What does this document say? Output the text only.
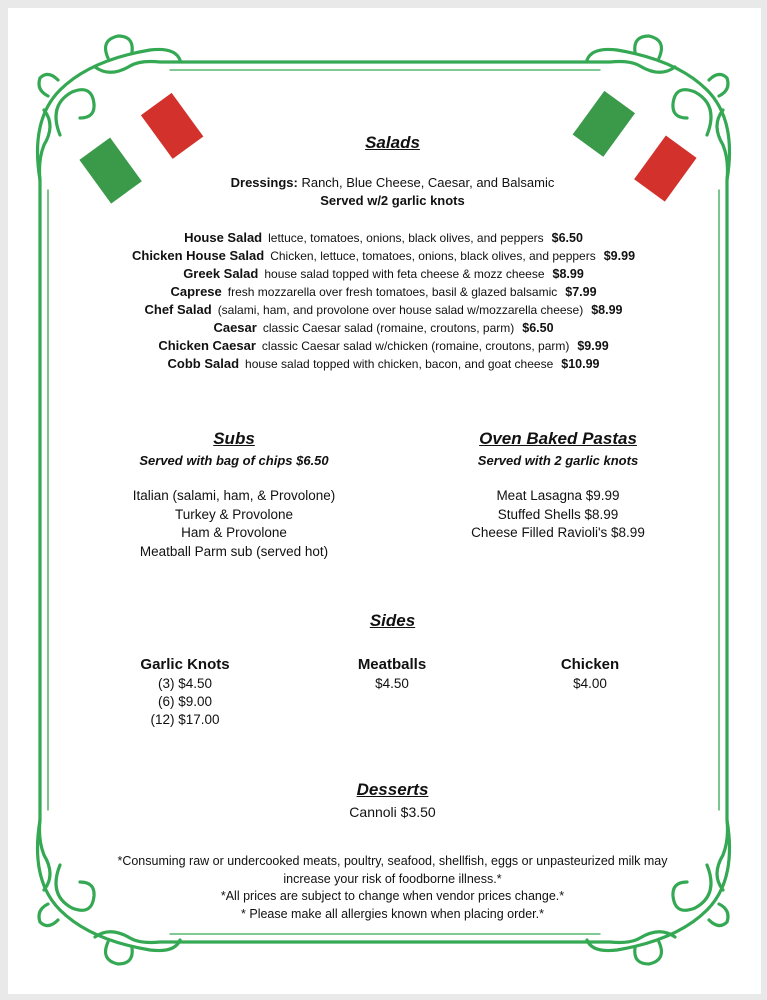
Salads
Dressings: Ranch, Blue Cheese, Caesar, and Balsamic
Served w/2 garlic knots
House Salad lettuce, tomatoes, onions, black olives, and peppers $6.50
Chicken House Salad Chicken, lettuce, tomatoes, onions, black olives, and peppers $9.99
Greek Salad house salad topped with feta cheese & mozz cheese $8.99
Caprese fresh mozzarella over fresh tomatoes, basil & glazed balsamic $7.99
Chef Salad (salami, ham, and provolone over house salad w/mozzarella cheese) $8.99
Caesar classic Caesar salad (romaine, croutons, parm) $6.50
Chicken Caesar classic Caesar salad w/chicken (romaine, croutons, parm) $9.99
Cobb Salad house salad topped with chicken, bacon, and goat cheese $10.99
Subs
Served with bag of chips $6.50
Italian (salami, ham, & Provolone)
Turkey & Provolone
Ham & Provolone
Meatball Parm sub (served hot)
Oven Baked Pastas
Served with 2 garlic knots
Meat Lasagna $9.99
Stuffed Shells $8.99
Cheese Filled Ravioli's $8.99
Sides
Garlic Knots
(3) $4.50
(6) $9.00
(12) $17.00
Meatballs
$4.50
Chicken
$4.00
Desserts
Cannoli $3.50
*Consuming raw or undercooked meats, poultry, seafood, shellfish, eggs or unpasteurized milk may
increase your risk of foodborne illness.*
*All prices are subject to change when vendor prices change.*
* Please make all allergies known when placing order.*
